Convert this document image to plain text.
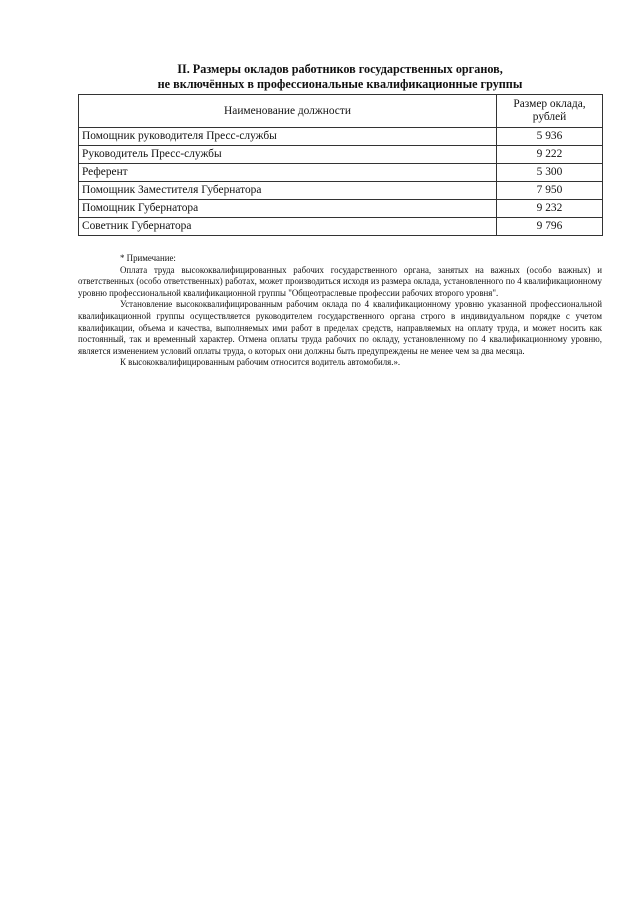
II. Размеры окладов работников государственных органов,
не включённых в профессиональные квалификационные группы
Наименование должности	Размер оклада, рублей
Помощник руководителя Пресс-службы	5 936
Руководитель Пресс-службы	9 222
Референт	5 300
Помощник Заместителя Губернатора	7 950
Помощник Губернатора	9 232
Советник Губернатора	9 796

* Примечание:

Оплата труда высококвалифицированных рабочих государственного органа, занятых на важных (особо важных) и ответственных (особо ответственных) работах, может производиться исходя из размера оклада, установленного по 4 квалификационному уровню профессиональной квалификационной группы "Общеотраслевые профессии рабочих второго уровня".

Установление высококвалифицированным рабочим оклада по 4 квалификационному уровню указанной профессиональной квалификационной группы осуществляется руководителем государственного органа строго в индивидуальном порядке с учетом квалификации, объема и качества, выполняемых ими работ в пределах средств, направляемых на оплату труда, и может носить как постоянный, так и временный характер. Отмена оплаты труда рабочих по окладу, установленному по 4 квалификационному уровню, является изменением условий оплаты труда, о которых они должны быть предупреждены не менее чем за два месяца.

К высококвалифицированным рабочим относится водитель автомобиля.».
